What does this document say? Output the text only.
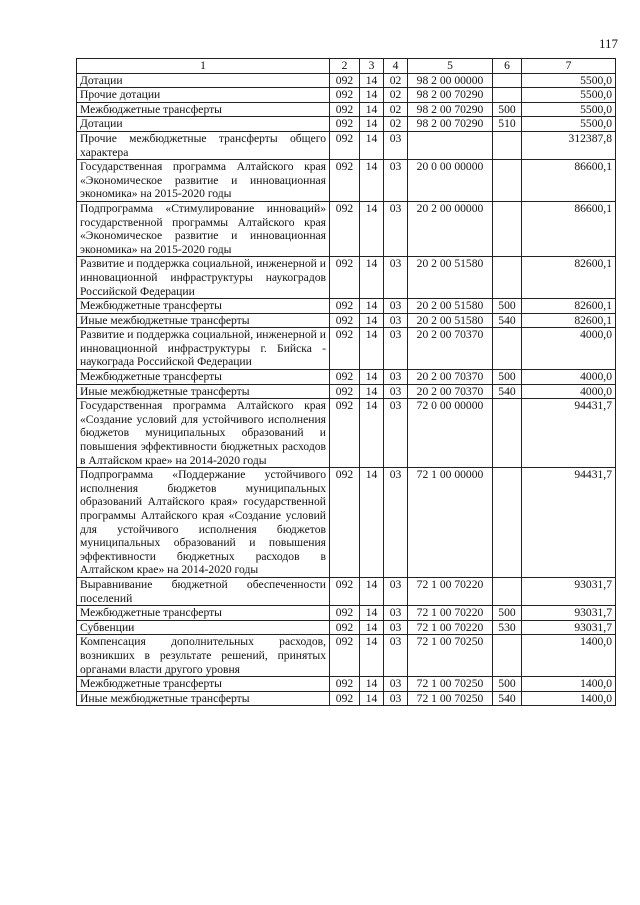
117
1	2	3	4	5	6	7
Дотации	092	14	02	98 2 00 00000		5500,0
Прочие дотации	092	14	02	98 2 00 70290		5500,0
Межбюджетные трансферты	092	14	02	98 2 00 70290	500	5500,0
Дотации	092	14	02	98 2 00 70290	510	5500,0
Прочие межбюджетные трансферты общего характера	092	14	03			312387,8
Государственная программа Алтайского края «Экономическое развитие и инновационная экономика» на 2015-2020 годы	092	14	03	20 0 00 00000		86600,1
Подпрограмма «Стимулирование инноваций» государственной программы Алтайского края «Экономическое развитие и инновационная экономика» на 2015-2020 годы	092	14	03	20 2 00 00000		86600,1
Развитие и поддержка социальной, инженерной и инновационной инфраструктуры наукоградов Российской Федерации	092	14	03	20 2 00 51580		82600,1
Межбюджетные трансферты	092	14	03	20 2 00 51580	500	82600,1
Иные межбюджетные трансферты	092	14	03	20 2 00 51580	540	82600,1
Развитие и поддержка социальной, инженерной и инновационной инфраструктуры г. Бийска - наукограда Российской Федерации	092	14	03	20 2 00 70370		4000,0
Межбюджетные трансферты	092	14	03	20 2 00 70370	500	4000,0
Иные межбюджетные трансферты	092	14	03	20 2 00 70370	540	4000,0
Государственная программа Алтайского края «Создание условий для устойчивого исполнения бюджетов муниципальных образований и повышения эффективности бюджетных расходов в Алтайском крае» на 2014-2020 годы	092	14	03	72 0 00 00000		94431,7
Подпрограмма «Поддержание устойчивого исполнения бюджетов муниципальных образований Алтайского края» государственной программы Алтайского края «Создание условий для устойчивого исполнения бюджетов муниципальных образований и повышения эффективности бюджетных расходов в Алтайском крае» на 2014-2020 годы	092	14	03	72 1 00 00000		94431,7
Выравнивание бюджетной обеспеченности поселений	092	14	03	72 1 00 70220		93031,7
Межбюджетные трансферты	092	14	03	72 1 00 70220	500	93031,7
Субвенции	092	14	03	72 1 00 70220	530	93031,7
Компенсация дополнительных расходов, возникших в результате решений, принятых органами власти другого уровня	092	14	03	72 1 00 70250		1400,0
Межбюджетные трансферты	092	14	03	72 1 00 70250	500	1400,0
Иные межбюджетные трансферты	092	14	03	72 1 00 70250	540	1400,0
